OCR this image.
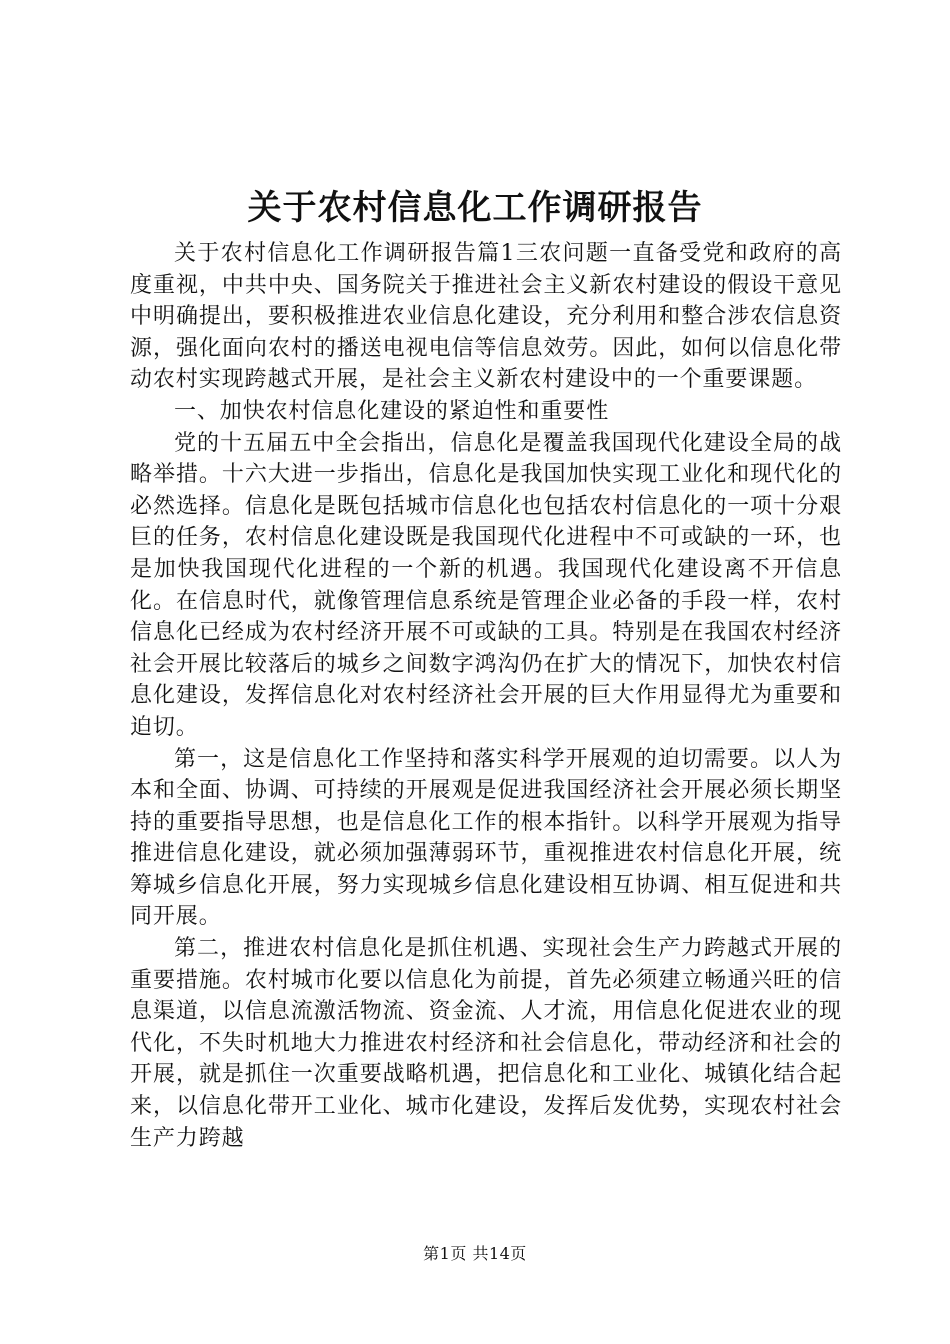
关于农村信息化工作调研报告

关于农村信息化工作调研报告篇1三农问题一直备受党和政府的高度重视，中共中央、国务院关于推进社会主义新农村建设的假设干意见中明确提出，要积极推进农业信息化建设，充分利用和整合涉农信息资源，强化面向农村的播送电视电信等信息效劳。因此，如何以信息化带动农村实现跨越式开展，是社会主义新农村建设中的一个重要课题。

一、加快农村信息化建设的紧迫性和重要性

党的十五届五中全会指出，信息化是覆盖我国现代化建设全局的战略举措。十六大进一步指出，信息化是我国加快实现工业化和现代化的必然选择。信息化是既包括城市信息化也包括农村信息化的一项十分艰巨的任务，农村信息化建设既是我国现代化进程中不可或缺的一环，也是加快我国现代化进程的一个新的机遇。我国现代化建设离不开信息化。在信息时代，就像管理信息系统是管理企业必备的手段一样，农村信息化已经成为农村经济开展不可或缺的工具。特别是在我国农村经济社会开展比较落后的城乡之间数字鸿沟仍在扩大的情况下，加快农村信息化建设，发挥信息化对农村经济社会开展的巨大作用显得尤为重要和迫切。

第一，这是信息化工作坚持和落实科学开展观的迫切需要。以人为本和全面、协调、可持续的开展观是促进我国经济社会开展必须长期坚持的重要指导思想，也是信息化工作的根本指针。以科学开展观为指导推进信息化建设，就必须加强薄弱环节，重视推进农村信息化开展，统筹城乡信息化开展，努力实现城乡信息化建设相互协调、相互促进和共同开展。

第二，推进农村信息化是抓住机遇、实现社会生产力跨越式开展的重要措施。农村城市化要以信息化为前提，首先必须建立畅通兴旺的信息渠道，以信息流激活物流、资金流、人才流，用信息化促进农业的现代化，不失时机地大力推进农村经济和社会信息化，带动经济和社会的开展，就是抓住一次重要战略机遇，把信息化和工业化、城镇化结合起来，以信息化带开工业化、城市化建设，发挥后发优势，实现农村社会生产力跨越

第1页 共14页
